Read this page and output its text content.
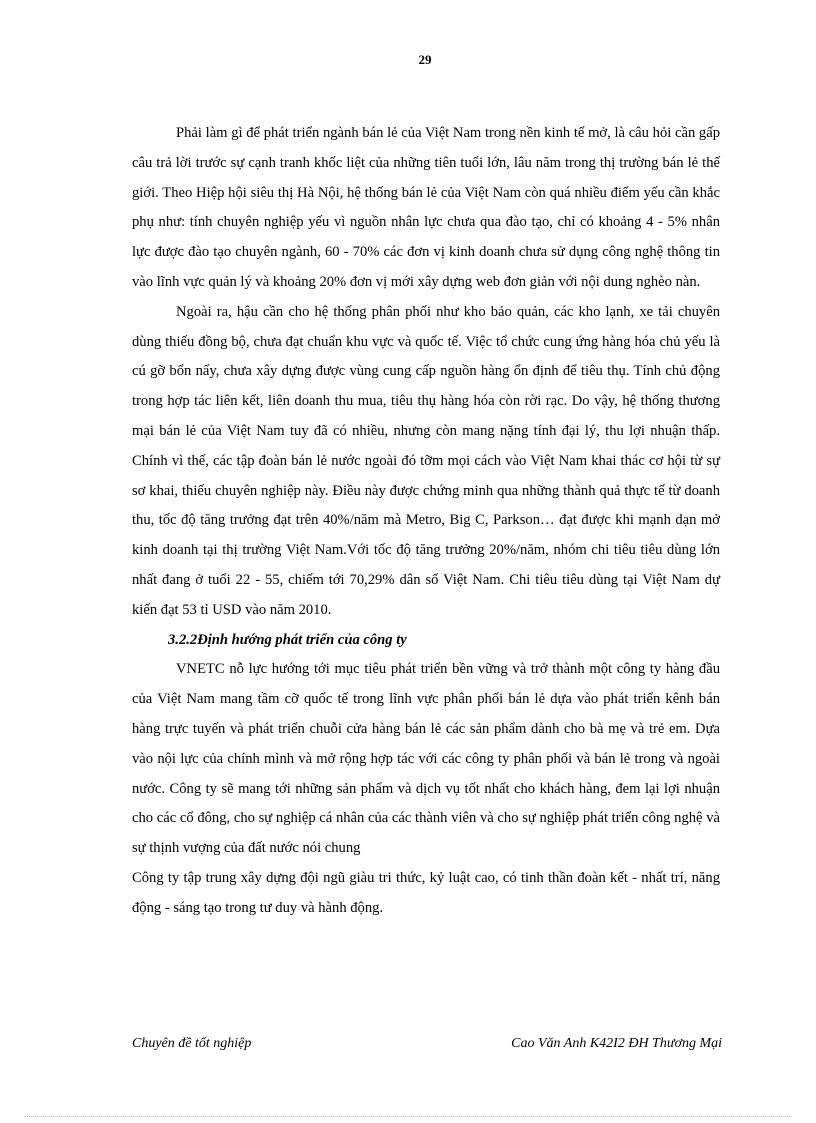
29

Phải làm gì để phát triển ngành bán lẻ của Việt Nam trong nền kinh tế mở, là câu hỏi cần gấp câu trả lời trước sự cạnh tranh khốc liệt của những tiên tuổi lớn, lâu năm trong thị trường bán lẻ thế giới. Theo Hiệp hội siêu thị Hà Nội, hệ thống bán lẻ của Việt Nam còn quá nhiều điểm yếu cần khắc phụ như: tính chuyên nghiệp yếu vì nguồn nhân lực chưa qua đào tạo, chỉ có khoảng 4 - 5% nhân lực được đào tạo chuyên ngành, 60 - 70% các đơn vị kinh doanh chưa sử dụng công nghệ thông tin vào lĩnh vực quản lý và khoảng 20% đơn vị mới xây dựng web đơn giản với nội dung nghèo nàn.

Ngoài ra, hậu cần cho hệ thống phân phối như kho bảo quản, các kho lạnh, xe tải chuyên dùng thiếu đồng bộ, chưa đạt chuẩn khu vực và quốc tế. Việc tổ chức cung ứng hàng hóa chủ yếu là cú gỡ bổn nẩy, chưa xây dựng được vùng cung cấp nguồn hàng ổn định để tiêu thụ. Tính chủ động trong hợp tác liên kết, liên doanh thu mua, tiêu thụ hàng hóa còn rời rạc. Do vậy, hệ thống thương mại bán lẻ của Việt Nam tuy đã có nhiều, nhưng còn mang nặng tính đại lý, thu lợi nhuận thấp. Chính vì thế, các tập đoàn bán lẻ nước ngoài đó tỡm mọi cách vào Việt Nam khai thác cơ hội từ sự sơ khai, thiếu chuyên nghiệp này. Điều này được chứng minh qua những thành quả thực tế từ doanh thu, tốc độ tăng trưởng đạt trên 40%/năm mà Metro, Big C, Parkson… đạt được khi mạnh dạn mở kinh doanh tại thị trường Việt Nam.Với tốc độ tăng trưởng 20%/năm, nhóm chi tiêu tiêu dùng lớn nhất đang ở tuổi 22 - 55, chiếm tới 70,29% dân số Việt Nam. Chi tiêu tiêu dùng tại Việt Nam dự kiến đạt 53 tỉ USD vào năm 2010.

3.2.2Định hướng phát triển của công ty

VNETC nỗ lực hướng tới mục tiêu phát triển bền vững và trở thành một công ty hàng đầu của Việt Nam mang tầm cỡ quốc tế trong lĩnh vực phân phối bán lẻ dựa vào phát triển kênh bán hàng trực tuyến và phát triển chuỗi cửa hàng bán lẻ các sản phẩm dành cho bà mẹ và trẻ em. Dựa vào nội lực của chính mình và mở rộng hợp tác với các công ty phân phối và bán lẻ trong và ngoài nước. Công ty sẽ mang tới những sản phẩm và dịch vụ tốt nhất cho khách hàng, đem lại lợi nhuận cho các cổ đông, cho sự nghiệp cá nhân của các thành viên và cho sự nghiệp phát triển công nghệ và sự thịnh vượng của đất nước nói chung

Công ty tập trung xây dựng đội ngũ giàu tri thức, kỷ luật cao, có tinh thần đoàn kết - nhất trí, năng động - sáng tạo trong tư duy và hành động.

Chuyên đề tốt nghiệp	Cao Văn Anh K42I2 ĐH Thương Mại
